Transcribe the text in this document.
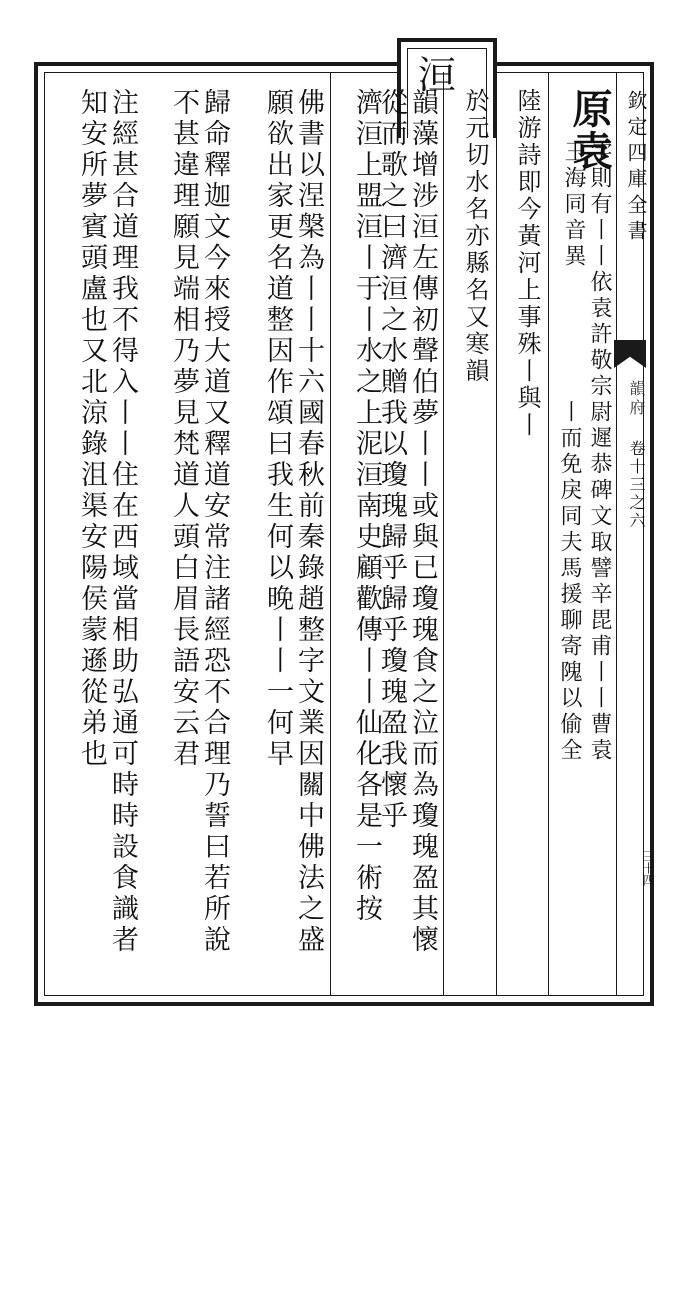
洹
欽定四庫全書
韻府
卷十三之六
三十四
原袁
字則有丨丨依袁許敬宗尉遲恭碑文取譬辛毘甫丨丨曹袁
丨而免戾同夫馬援聊寄隗以偷全
玉海同音異
陸游詩即今黃河上事殊丨與丨
於元切水名亦縣名又寒韻
韻藻增涉洹左傳初聲伯夢丨丨或與已瓊瑰食之泣而為瓊瑰盈其懷從而歌之曰濟洹之水贈我以瓊瑰歸乎歸乎瓊瑰盈我懷乎
濟洹上盟洹丨于丨水之上泥洹南史顧歡傳丨丨仙化各是一術按
佛書以涅槃為丨丨十六國春秋前秦錄趙整字文業因關中佛法之盛願欲出家更名道整因作頌曰我生何以晚丨丨一何早
歸命釋迦文今來授大道又釋道安常注諸經恐不合理乃誓曰若所說不甚違理願見端相乃夢見梵道人頭白眉長語安云君
注經甚合道理我不得入丨丨住在西域當相助弘通可時時設食識者知安所夢賓頭盧也又北涼錄沮渠安陽侯蒙遜從弟也
